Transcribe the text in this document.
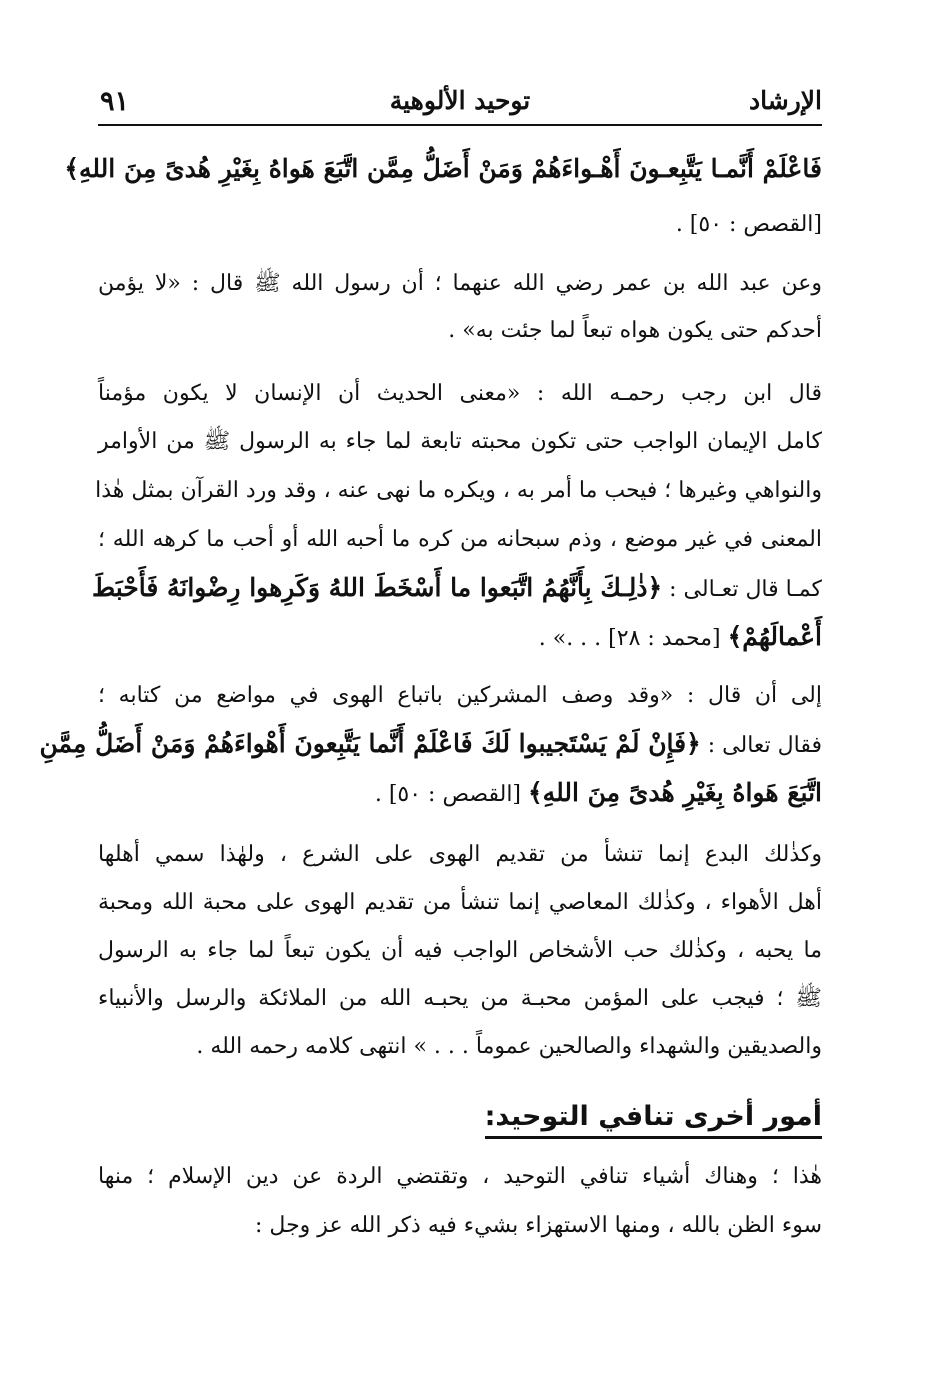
٩١	توحيد الألوهية	الإرشاد
فَاعْلَمْ أَنَّمـا يَتَّبِعـونَ أَهْـواءَهُمْ وَمَنْ أَضَلُّ مِمَّن اتَّبَعَ هَواهُ بِغَيْرِ هُدىً مِنَ اللهِ﴾
[القصص : ٥٠] .
وعن عبد الله بن عمر رضي الله عنهما ؛ أن رسول الله ﷺ قال : «لا يؤمن
أحدكم حتى يكون هواه تبعاً لما جئت به» .
قال ابن رجب رحمـه الله : «معنى الحديث أن الإنسان لا يكون مؤمناً
كامل الإيمان الواجب حتى تكون محبته تابعة لما جاء به الرسول ﷺ من الأوامر
والنواهي وغيرها ؛ فيحب ما أمر به ، ويكره ما نهى عنه ، وقد ورد القرآن بمثل هٰذا
المعنى في غير موضع ، وذم سبحانه من كره ما أحبه الله أو أحب ما كرهه الله ؛
كمـا قال تعـالى : ﴿ذٰلِـكَ بِأَنَّهُمُ اتَّبَعوا ما أَسْخَطَ اللهُ وَكَرِهوا رِضْوانَهُ فَأَحْبَطَ
أَعْمالَهُمْ﴾ [محمد : ٢٨] . . .» .
إلى أن قال : «وقد وصف المشركين باتباع الهوى في مواضع من كتابه ؛
فقال تعالى : ﴿فَإِنْ لَمْ يَسْتَجيبوا لَكَ فَاعْلَمْ أَنَّما يَتَّبِعونَ أَهْواءَهُمْ وَمَنْ أَضَلُّ مِمَّنِ
اتَّبَعَ هَواهُ بِغَيْرِ هُدىً مِنَ اللهِ﴾ [القصص : ٥٠] .
وكذٰلك البدع إنما تنشأ من تقديم الهوى على الشرع ، ولهٰذا سمي أهلها
أهل الأهواء ، وكذٰلك المعاصي إنما تنشأ من تقديم الهوى على محبة الله ومحبة
ما يحبه ، وكذٰلك حب الأشخاص الواجب فيه أن يكون تبعاً لما جاء به الرسول
ﷺ ؛ فيجب على المؤمن محبـة من يحبـه الله من الملائكة والرسل والأنبياء
والصديقين والشهداء والصالحين عموماً . . . » انتهى كلامه رحمه الله .
أمور أخرى تنافي التوحيد:
هٰذا ؛ وهناك أشياء تنافي التوحيد ، وتقتضي الردة عن دين الإسلام ؛ منها
سوء الظن بالله ، ومنها الاستهزاء بشيء فيه ذكر الله عز وجل :
